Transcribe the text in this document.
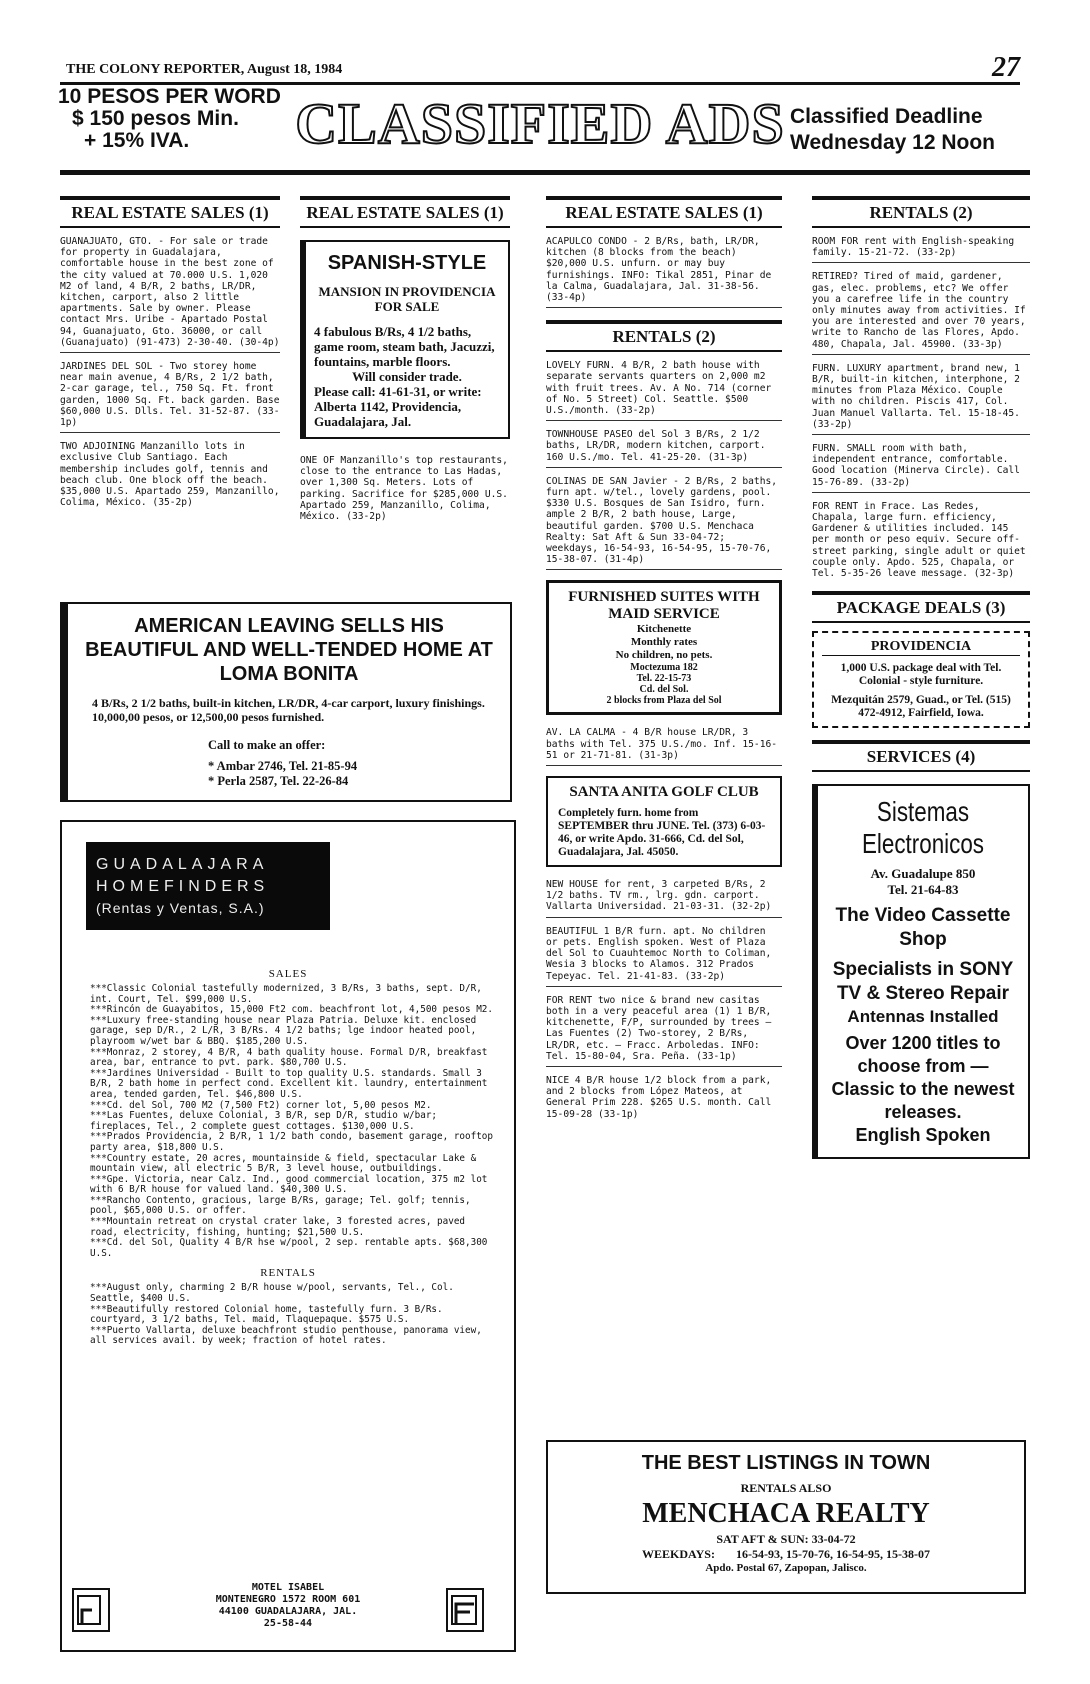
THE COLONY REPORTER, August 18, 1984	27
10 PESOS PER WORD
$ 150 pesos Min.
+ 15% IVA.	CLASSIFIED ADS Classified Deadline
Wednesday 12 Noon
REAL ESTATE SALES (1)
GUANAJUATO, GTO. - For sale or trade for property in Guadalajara, comfortable house in the best zone of the city valued at 70.000 U.S. 1,020 M2 of land, 4 B/R, 2 baths, LR/DR, kitchen, carport, also 2 little apartments. Sale by owner. Please contact Mrs. Uribe - Apartado Postal 94, Guanajuato, Gto. 36000, or call (Guanajuato) (91-473) 2-30-40. (30-4p)
JARDINES DEL SOL - Two storey home near main avenue, 4 B/Rs, 2 1/2 bath, 2-car garage, tel., 750 Sq. Ft. front garden, 1000 Sq. Ft. back garden. Base $60,000 U.S. Dlls. Tel. 31-52-87. (33-1p)
TWO ADJOINING Manzanillo lots in exclusive Club Santiago. Each membership includes golf, tennis and beach club. One block off the beach. $35,000 U.S. Apartado 259, Manzanillo, Colima, México. (35-2p)
REAL ESTATE SALES (1)
SPANISH-STYLE
MANSION IN PROVIDENCIA FOR SALE
4 fabulous B/Rs, 4 1/2 baths, game room, steam bath, Jacuzzi, fountains, marble floors.
Will consider trade.
Please call: 41-61-31, or write: Alberta 1142, Providencia, Guadalajara, Jal.
ONE OF Manzanillo's top restaurants, close to the entrance to Las Hadas, over 1,300 Sq. Meters. Lots of parking. Sacrifice for $285,000 U.S. Apartado 259, Manzanillo, Colima, México. (33-2p)
AMERICAN LEAVING SELLS HIS BEAUTIFUL AND WELL-TENDED HOME AT LOMA BONITA
4 B/Rs, 2 1/2 baths, built-in kitchen, LR/DR, 4-car carport, luxury finishings. 10,000,00 pesos, or 12,500,00 pesos furnished.
Call to make an offer:
* Ambar 2746, Tel. 21-85-94
* Perla 2587, Tel. 22-26-84
GUADALAJARA
HOMEFINDERS
(Rentas y Ventas, S.A.)
SALES
***Classic Colonial tastefully modernized, 3 B/Rs, 3 baths, sept. D/R, int. Court, Tel. $99,000 U.S.
***Rincón de Guayabitos, 15,000 Ft2 com. beachfront lot, 4,500 pesos M2.
***Luxury free-standing house near Plaza Patria. Deluxe kit. enclosed garage, sep D/R., 2 L/R, 3 B/Rs. 4 1/2 baths; lge indoor heated pool, playroom w/wet bar & BBQ. $185,200 U.S.
***Monraz, 2 storey, 4 B/R, 4 bath quality house. Formal D/R, breakfast area, bar, entrance to pvt. park. $80,700 U.S.
***Jardines Universidad - Built to top quality U.S. standards. Small 3 B/R, 2 bath home in perfect cond. Excellent kit. laundry, entertainment area, tended garden, Tel. $46,800 U.S.
***Cd. del Sol, 700 M2 (7,500 Ft2) corner lot, 5,00 pesos M2.
***Las Fuentes, deluxe Colonial, 3 B/R, sep D/R, studio w/bar; fireplaces, Tel., 2 complete guest cottages. $130,000 U.S.
***Prados Providencia, 2 B/R, 1 1/2 bath condo, basement garage, rooftop party area, $18,800 U.S.
***Country estate, 20 acres, mountainside & field, spectacular Lake & mountain view, all electric 5 B/R, 3 level house, outbuildings.
***Gpe. Victoria, near Calz. Ind., good commercial location, 375 m2 lot with 6 B/R house for valued land. $40,300 U.S.
***Rancho Contento, gracious, large B/Rs, garage; Tel. golf; tennis, pool, $65,000 U.S. or offer.
***Mountain retreat on crystal crater lake, 3 forested acres, paved road, electricity, fishing, hunting; $21,500 U.S.
***Cd. del Sol, Quality 4 B/R hse w/pool, 2 sep. rentable apts. $68,300 U.S.
RENTALS
***August only, charming 2 B/R house w/pool, servants, Tel., Col. Seattle, $400 U.S.
***Beautifully restored Colonial home, tastefully furn. 3 B/Rs. courtyard, 3 1/2 baths, Tel. maid, Tlaquepaque. $575 U.S.
***Puerto Vallarta, deluxe beachfront studio penthouse, panorama view, all services avail. by week; fraction of hotel rates.
MOTEL ISABEL
MONTENEGRO 1572 ROOM 601
44100 GUADALAJARA, JAL.
25-58-44
REAL ESTATE SALES (1)
ACAPULCO CONDO - 2 B/Rs, bath, LR/DR, kitchen (8 blocks from the beach) $20,000 U.S. unfurn. or may buy furnishings. INFO: Tikal 2851, Pinar de la Calma, Guadalajara, Jal. 31-38-56. (33-4p)
RENTALS (2)
LOVELY FURN. 4 B/R, 2 bath house with separate servants quarters on 2,000 m2 with fruit trees. Av. A No. 714 (corner of No. 5 Street) Col. Seattle. $500 U.S./month. (33-2p)
TOWNHOUSE PASEO del Sol 3 B/Rs, 2 1/2 baths, LR/DR, modern kitchen, carport. 160 U.S./mo. Tel. 41-25-20. (31-3p)
COLINAS DE SAN Javier - 2 B/Rs, 2 baths, furn apt. w/tel., lovely gardens, pool. $330 U.S. Bosques de San Isidro, furn. ample 2 B/R, 2 bath house, Large, beautiful garden. $700 U.S. Menchaca Realty: Sat Aft & Sun 33-04-72; weekdays, 16-54-93, 16-54-95, 15-70-76, 15-38-07. (31-4p)
FURNISHED SUITES WITH MAID SERVICE
Kitchenette
Monthly rates
No children, no pets.
Moctezuma 182
Tel. 22-15-73
Cd. del Sol.
2 blocks from Plaza del Sol
AV. LA CALMA - 4 B/R house LR/DR, 3 baths with Tel. 375 U.S./mo. Inf. 15-16-51 or 21-71-81. (31-3p)
SANTA ANITA GOLF CLUB
Completely furn. home from SEPTEMBER thru JUNE. Tel. (373) 6-03-46, or write Apdo. 31-666, Cd. del Sol, Guadalajara, Jal. 45050.
NEW HOUSE for rent, 3 carpeted B/Rs, 2 1/2 baths. TV rm., lrg. gdn. carport. Vallarta Universidad. 21-03-31. (32-2p)
BEAUTIFUL 1 B/R furn. apt. No children or pets. English spoken. West of Plaza del Sol to Cuauhtemoc North to Coliman, Wesia 3 blocks to Alamos. 312 Prados Tepeyac. Tel. 21-41-83. (33-2p)
FOR RENT two nice & brand new casitas both in a very peaceful area (1) 1 B/R, kitchenette, F/P, surrounded by trees — Las Fuentes (2) Two-storey, 2 B/Rs, LR/DR, etc. — Fracc. Arboledas. INFO: Tel. 15-80-04, Sra. Peña. (33-1p)
NICE 4 B/R house 1/2 block from a park, and 2 blocks from López Mateos, at General Prim 228. $265 U.S. month. Call 15-09-28 (33-1p)
RENTALS (2)
ROOM FOR rent with English-speaking family. 15-21-72. (33-2p)
RETIRED? Tired of maid, gardener, gas, elec. problems, etc? We offer you a carefree life in the country only minutes away from activities. If you are interested and over 70 years, write to Rancho de las Flores, Apdo. 480, Chapala, Jal. 45900. (33-3p)
FURN. LUXURY apartment, brand new, 1 B/R, built-in kitchen, interphone, 2 minutes from Plaza México. Couple with no children. Piscis 417, Col. Juan Manuel Vallarta. Tel. 15-18-45. (33-2p)
FURN. SMALL room with bath, independent entrance, comfortable. Good location (Minerva Circle). Call 15-76-89. (33-2p)
FOR RENT in Frace. Las Redes, Chapala, large furn. efficiency, Gardener & utilities included. 145 per month or peso equiv. Secure off-street parking, single adult or quiet couple only. Apdo. 525, Chapala, or Tel. 5-35-26 leave message. (32-3p)
PACKAGE DEALS (3)
PROVIDENCIA
1,000 U.S. package deal with Tel. Colonial - style furniture.
Mezquitán 2579, Guad., or Tel. (515) 472-4912, Fairfield, Iowa.
SERVICES (4)
Sistemas
Electronicos
Av. Guadalupe 850
Tel. 21-64-83
The Video Cassette Shop
Specialists in SONY
TV & Stereo Repair
Antennas Installed
Over 1200 titles to choose from —
Classic to the newest releases.
English Spoken
THE BEST LISTINGS IN TOWN
RENTALS ALSO
MENCHACA REALTY
SAT AFT & SUN: 33-04-72
WEEKDAYS: 16-54-93, 15-70-76, 16-54-95, 15-38-07
Apdo. Postal 67, Zapopan, Jalisco.
